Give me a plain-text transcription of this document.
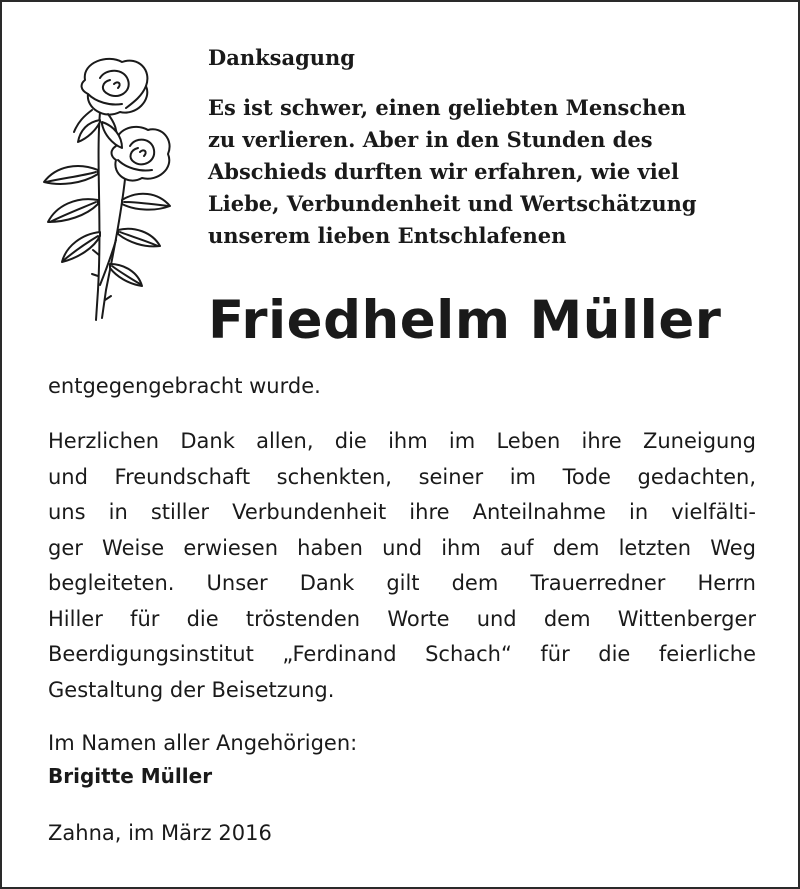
Danksagung

Es ist schwer, einen geliebten Menschen
zu verlieren. Aber in den Stunden des
Abschieds durften wir erfahren, wie viel
Liebe, Verbundenheit und Wertschätzung
unserem lieben Entschlafenen

Friedhelm Müller

entgegengebracht wurde.

Herzlichen Dank allen, die ihm im Leben ihre Zuneigung
und Freundschaft schenkten, seiner im Tode gedachten,
uns in stiller Verbundenheit ihre Anteilnahme in vielfälti-
ger Weise erwiesen haben und ihm auf dem letzten Weg
begleiteten. Unser Dank gilt dem Trauerredner Herrn
Hiller für die tröstenden Worte und dem Wittenberger
Beerdigungsinstitut „Ferdinand Schach“ für die feierliche
Gestaltung der Beisetzung.

Im Namen aller Angehörigen:

Brigitte Müller

Zahna, im März 2016
